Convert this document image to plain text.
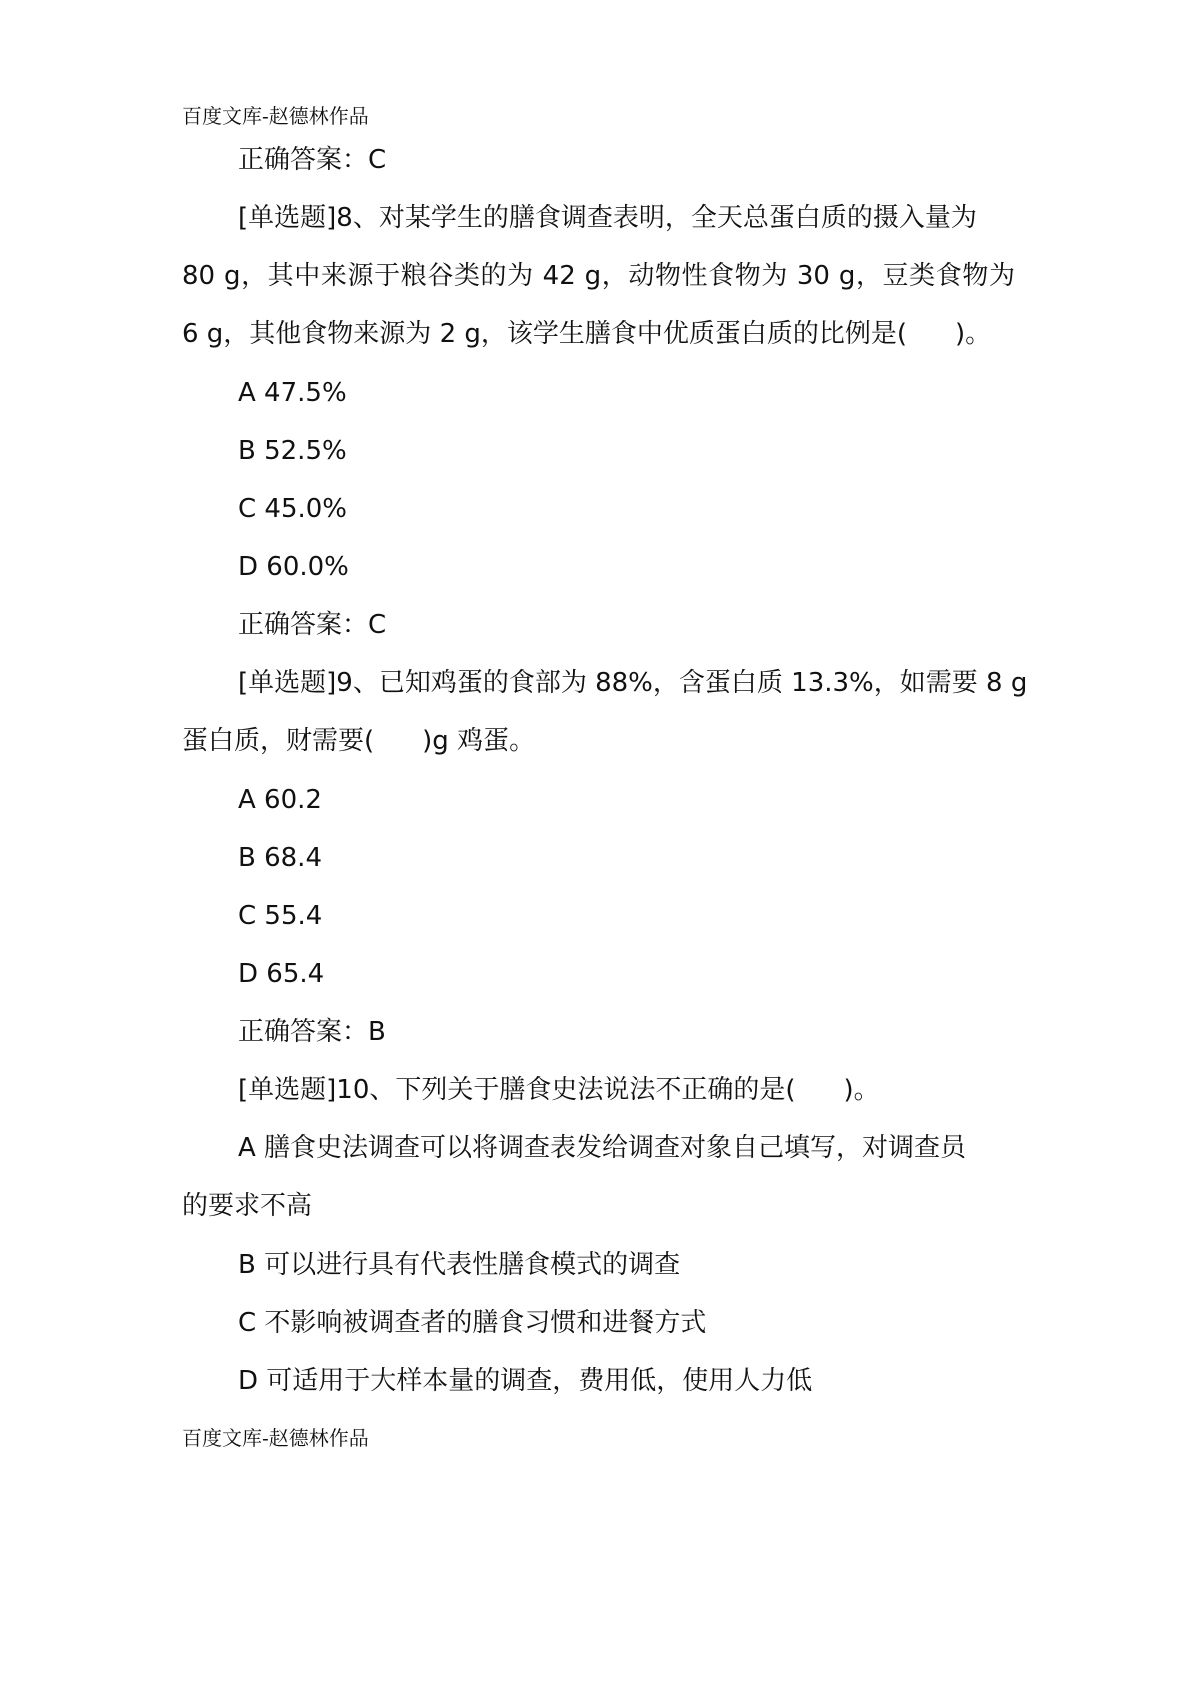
百度文库-赵德林作品
正确答案：C
[单选题]8、对某学生的膳食调查表明，全天总蛋白质的摄入量为
80 g，其中来源于粮谷类的为 42 g，动物性食物为 30 g，豆类食物为
6 g，其他食物来源为 2 g，该学生膳食中优质蛋白质的比例是( )。
A 47.5%
B 52.5%
C 45.0%
D 60.0%
正确答案：C
[单选题]9、已知鸡蛋的食部为 88%，含蛋白质 13.3%，如需要 8 g
蛋白质，财需要( )g 鸡蛋。
A 60.2
B 68.4
C 55.4
D 65.4
正确答案：B
[单选题]10、下列关于膳食史法说法不正确的是( )。
A 膳食史法调查可以将调查表发给调查对象自己填写，对调查员
的要求不高
B 可以进行具有代表性膳食模式的调查
C 不影响被调查者的膳食习惯和进餐方式
D 可适用于大样本量的调查，费用低，使用人力低
百度文库-赵德林作品
